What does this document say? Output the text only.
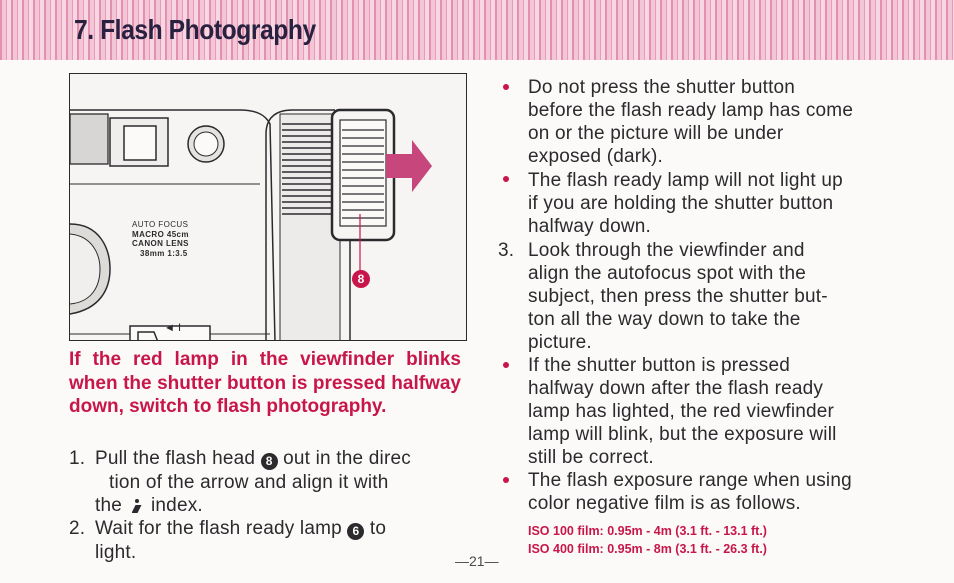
7. Flash Photography
AUTO FOCUS
MACRO 45cm
CANON LENS
38mm 1:3.5
8
◄ I

If the red lamp in the viewfinder blinks when the shutter button is pressed halfway down, switch to flash photography.

1. Pull the flash head 8 out in the direc
tion of the arrow and align it with
the index.
2. Wait for the flash ready lamp 6 to
light.
Do not press the shutter button
before the flash ready lamp has come
on or the picture will be under
exposed (dark).
The flash ready lamp will not light up
if you are holding the shutter button
halfway down.
3. Look through the viewfinder and
align the autofocus spot with the
subject, then press the shutter but-
ton all the way down to take the
picture.
If the shutter button is pressed
halfway down after the flash ready
lamp has lighted, the red viewfinder
lamp will blink, but the exposure will
still be correct.
The flash exposure range when using
color negative film is as follows.
ISO 100 film: 0.95m - 4m (3.1 ft. - 13.1 ft.)
ISO 400 film: 0.95m - 8m (3.1 ft. - 26.3 ft.)
—21—
